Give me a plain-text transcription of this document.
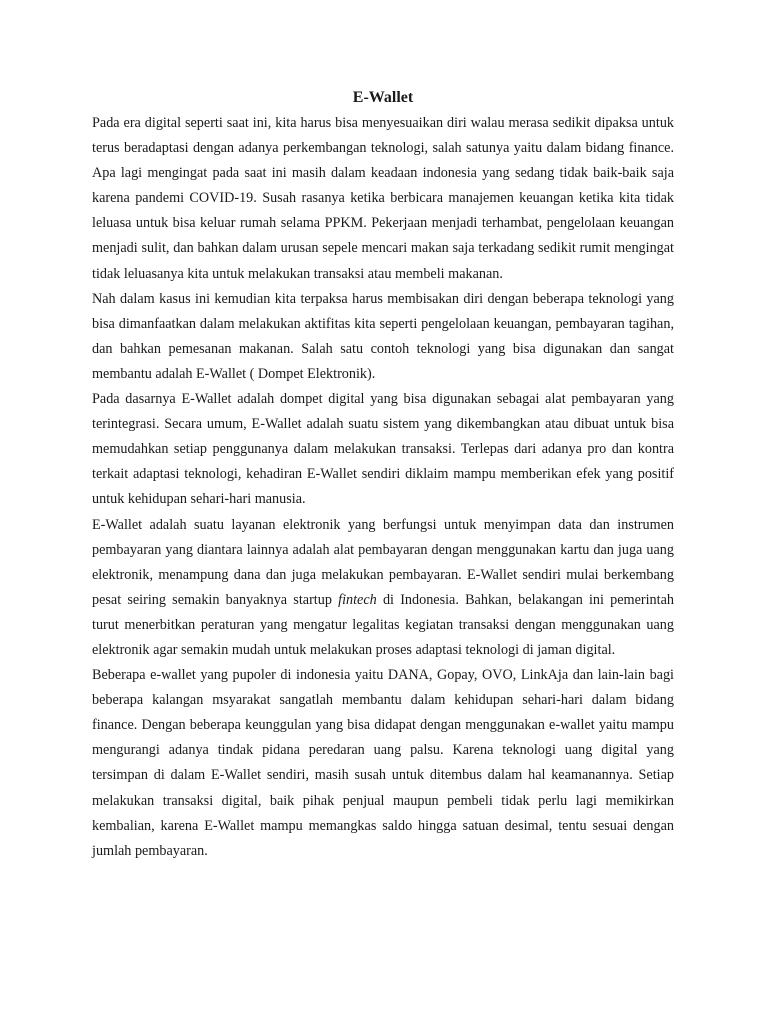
E-Wallet

Pada era digital seperti saat ini, kita harus bisa menyesuaikan diri walau merasa sedikit dipaksa untuk terus beradaptasi dengan adanya perkembangan teknologi, salah satunya yaitu dalam bidang finance. Apa lagi mengingat pada saat ini masih dalam keadaan indonesia yang sedang tidak baik-baik saja karena pandemi COVID-19. Susah rasanya ketika berbicara manajemen keuangan ketika kita tidak leluasa untuk bisa keluar rumah selama PPKM. Pekerjaan menjadi terhambat, pengelolaan keuangan menjadi sulit, dan bahkan dalam urusan sepele mencari makan saja terkadang sedikit rumit mengingat tidak leluasanya kita untuk melakukan transaksi atau membeli makanan.

Nah dalam kasus ini kemudian kita terpaksa harus membisakan diri dengan beberapa teknologi yang bisa dimanfaatkan dalam melakukan aktifitas kita seperti pengelolaan keuangan, pembayaran tagihan, dan bahkan pemesanan makanan. Salah satu contoh teknologi yang bisa digunakan dan sangat membantu adalah E-Wallet ( Dompet Elektronik).

Pada dasarnya E-Wallet adalah dompet digital yang bisa digunakan sebagai alat pembayaran yang terintegrasi. Secara umum, E-Wallet adalah suatu sistem yang dikembangkan atau dibuat untuk bisa memudahkan setiap penggunanya dalam melakukan transaksi. Terlepas dari adanya pro dan kontra terkait adaptasi teknologi, kehadiran E-Wallet sendiri diklaim mampu memberikan efek yang positif untuk kehidupan sehari-hari manusia.

E-Wallet adalah suatu layanan elektronik yang berfungsi untuk menyimpan data dan instrumen pembayaran yang diantara lainnya adalah alat pembayaran dengan menggunakan kartu dan juga uang elektronik, menampung dana dan juga melakukan pembayaran. E-Wallet sendiri mulai berkembang pesat seiring semakin banyaknya startup fintech di Indonesia. Bahkan, belakangan ini pemerintah turut menerbitkan peraturan yang mengatur legalitas kegiatan transaksi dengan menggunakan uang elektronik agar semakin mudah untuk melakukan proses adaptasi teknologi di jaman digital.

Beberapa e-wallet yang pupoler di indonesia yaitu DANA, Gopay, OVO, LinkAja dan lain-lain bagi beberapa kalangan msyarakat sangatlah membantu dalam kehidupan sehari-hari dalam bidang finance. Dengan beberapa keunggulan yang bisa didapat dengan menggunakan e-wallet yaitu mampu mengurangi adanya tindak pidana peredaran uang palsu. Karena teknologi uang digital yang tersimpan di dalam E-Wallet sendiri, masih susah untuk ditembus dalam hal keamanannya. Setiap melakukan transaksi digital, baik pihak penjual maupun pembeli tidak perlu lagi memikirkan kembalian, karena E-Wallet mampu memangkas saldo hingga satuan desimal, tentu sesuai dengan jumlah pembayaran.
